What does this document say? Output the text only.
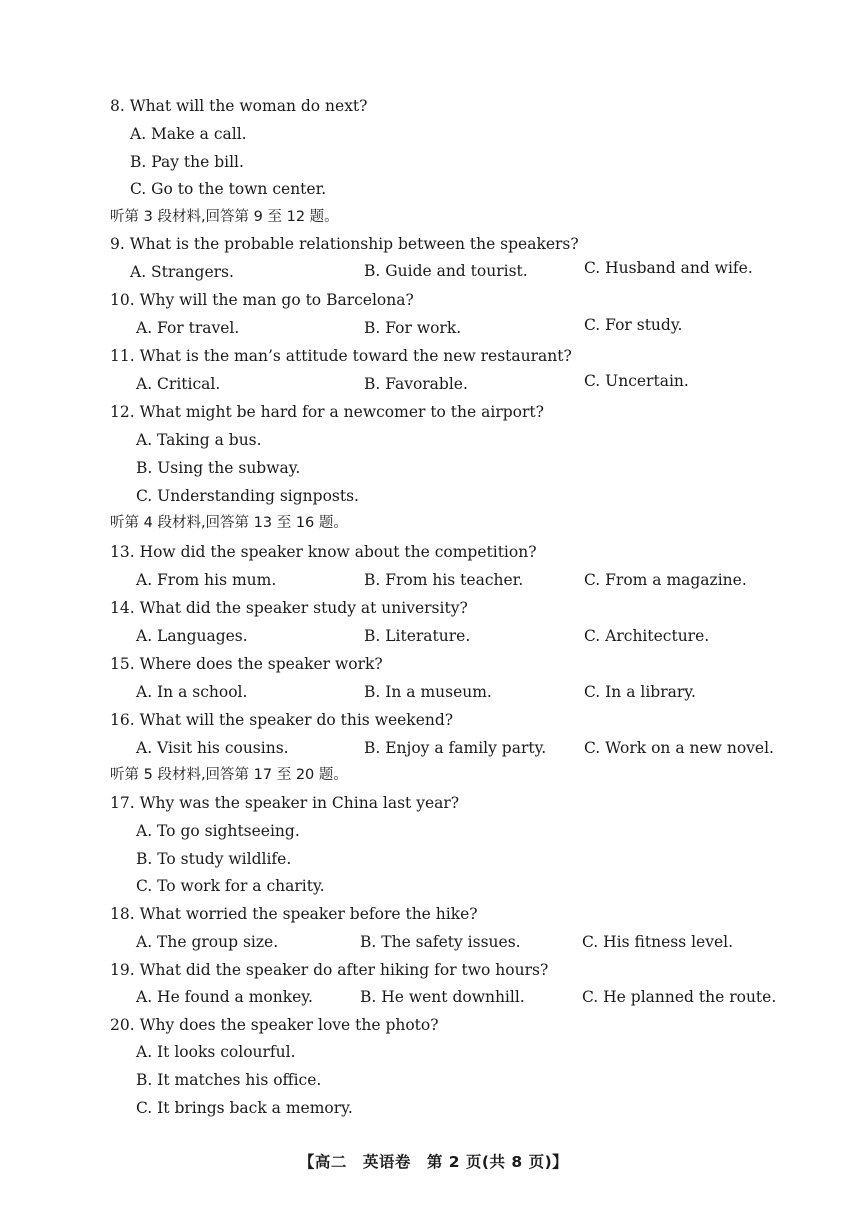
8. What will the woman do next?
A. Make a call.
B. Pay the bill.
C. Go to the town center.
听第 3 段材料,回答第 9 至 12 题。
9. What is the probable relationship between the speakers?
A. Strangers.	B. Guide and tourist.	C. Husband and wife.
10. Why will the man go to Barcelona?
A. For travel.	B. For work.	C. For study.
11. What is the man’s attitude toward the new restaurant?
A. Critical.	B. Favorable.	C. Uncertain.
12. What might be hard for a newcomer to the airport?
A. Taking a bus.
B. Using the subway.
C. Understanding signposts.
听第 4 段材料,回答第 13 至 16 题。
13. How did the speaker know about the competition?
A. From his mum.	B. From his teacher.	C. From a magazine.
14. What did the speaker study at university?
A. Languages.	B. Literature.	C. Architecture.
15. Where does the speaker work?
A. In a school.	B. In a museum.	C. In a library.
16. What will the speaker do this weekend?
A. Visit his cousins.	B. Enjoy a family party. C. Work on a new novel.
听第 5 段材料,回答第 17 至 20 题。
17. Why was the speaker in China last year?
A. To go sightseeing.
B. To study wildlife.
C. To work for a charity.
18. What worried the speaker before the hike?
A. The group size.	B. The safety issues.	C. His fitness level.
19. What did the speaker do after hiking for two hours?
A. He found a monkey.	B. He went downhill.	C. He planned the route.
20. Why does the speaker love the photo?
A. It looks colourful.
B. It matches his office.
C. It brings back a memory.
【高二　英语卷　第 2 页(共 8 页)】
